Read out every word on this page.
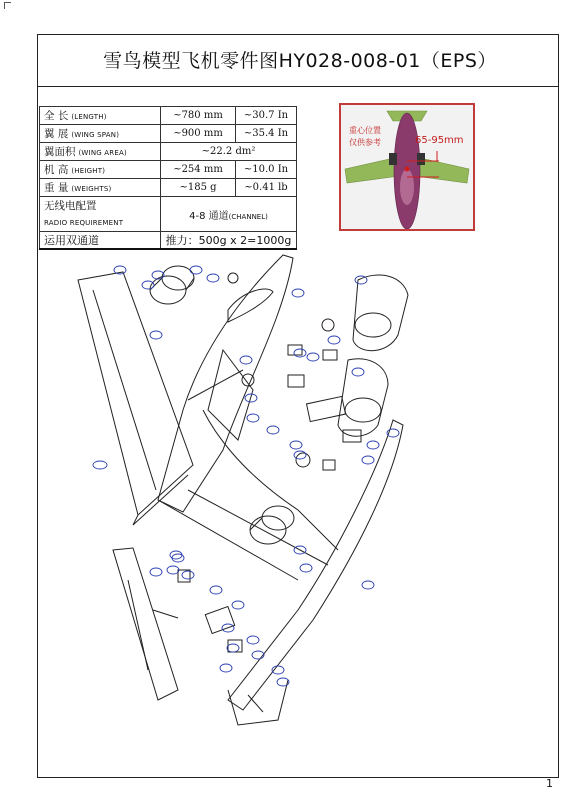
雪鸟模型飞机零件图HY028-008-01（EPS）
全 长 (LENGTH)	~780 mm	~30.7 In
翼 展 (WING SPAN)	~900 mm	~35.4 In
翼面积 (WING AREA)	~22.2 dm²	
机 高 (HEIGHT)	~254 mm	~10.0 In
重 量 (WEIGHTS)	~185 g	~0.41 lb
无线电配置
RADIO REQUIREMENT	4-8 通道(CHANNEL)	
运用双通道	推力：500g x 2=1000g	
重心位置
仅供参考	65-95mm
1
